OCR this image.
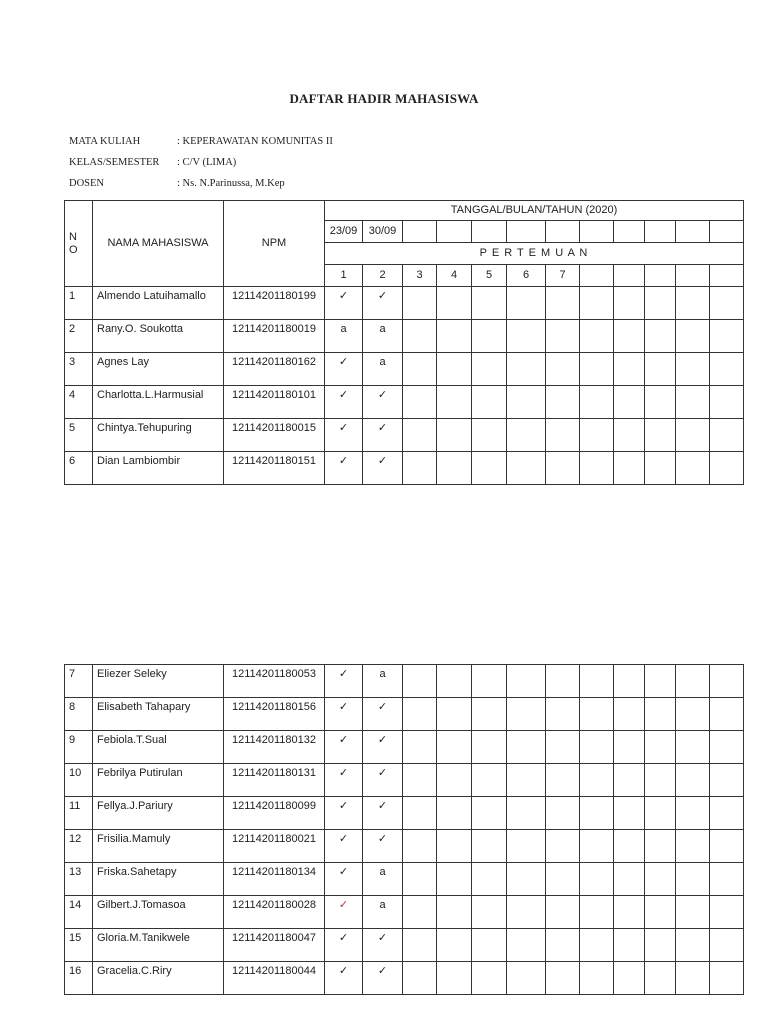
DAFTAR HADIR MAHASISWA
MATA KULIAH	: KEPERAWATAN KOMUNITAS II
KELAS/SEMESTER : C/V (LIMA)
DOSEN	: Ns. N.Parinussa, M.Kep
N
O	NAMA MAHASISWA	NPM	TANGGAL/BULAN/TAHUN (2020)											
			23/09	30/09										
			P E R T E M U A N											
			1	2	3	4	5	6	7					
1	Almendo Latuihamallo	12114201180199	✓	✓										
2	Rany.O. Soukotta	12114201180019	a	a										
3	Agnes Lay	12114201180162	✓	a										
4	Charlotta.L.Harmusial	12114201180101	✓	✓										
5	Chintya.Tehupuring	12114201180015	✓	✓										
6	Dian Lambiombir	12114201180151	✓	✓										
7	Eliezer Seleky	12114201180053	✓	a										
8	Elisabeth Tahapary	12114201180156	✓	✓										
9	Febiola.T.Sual	12114201180132	✓	✓										
10	Febrilya Putirulan	12114201180131	✓	✓										
11	Fellya.J.Pariury	12114201180099	✓	✓										
12	Frisilia.Mamuly	12114201180021	✓	✓										
13	Friska.Sahetapy	12114201180134	✓	a										
14	Gilbert.J.Tomasoa	12114201180028	✓	a										
15	Gloria.M.Tanikwele	12114201180047	✓	✓										
16	Gracelia.C.Riry	12114201180044	✓	✓										
